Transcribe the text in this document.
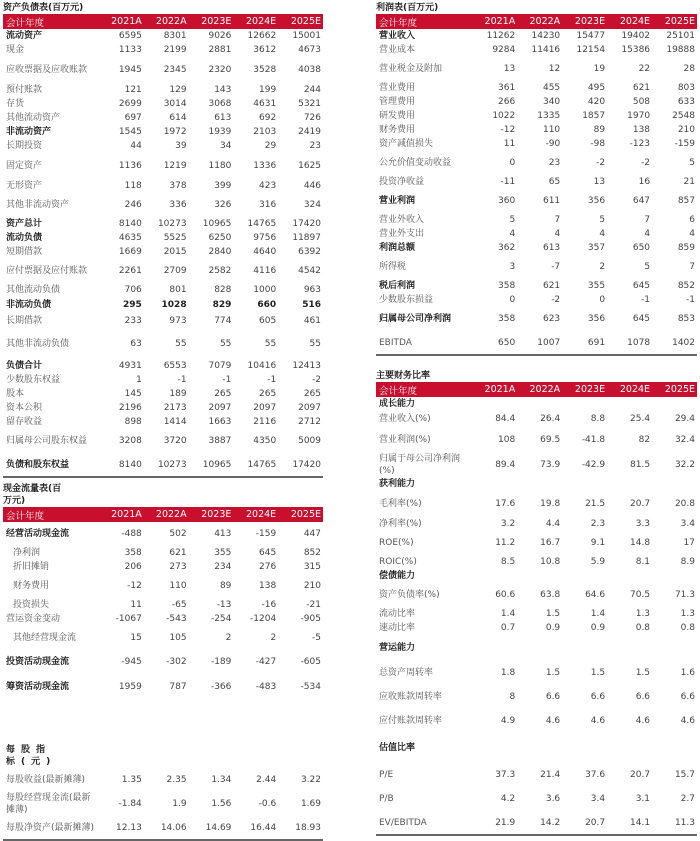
资产负债表(百万元)
会计年度	2021A	2022A	2023E	2024E	2025E
流动资产	6595	8301	9026	12662	15001
现金	1133	2199	2881	3612	4673
应收票据及应收账款	1945	2345	2320	3528	4038
预付账款	121	129	143	199	244
存货	2699	3014	3068	4631	5321
其他流动资产	697	614	613	692	726
非流动资产	1545	1972	1939	2103	2419
长期投资	44	39	34	29	23
固定资产	1136	1219	1180	1336	1625
无形资产	118	378	399	423	446
其他非流动资产	246	336	326	316	324
资产总计	8140	10273	10965	14765	17420
流动负债	4635	5525	6250	9756	11897
短期借款	1669	2015	2840	4640	6392
应付票据及应付账款	2261	2709	2582	4116	4542
其他流动负债	706	801	828	1000	963
非流动负债	295	1028	829	660	516
长期借款	233	973	774	605	461
其他非流动负债	63	55	55	55	55
负债合计	4931	6553	7079	10416	12413
少数股东权益	1	-1	-1	-1	-2
股本	145	189	265	265	265
资本公积	2196	2173	2097	2097	2097
留存收益	898	1414	1663	2116	2712
归属母公司股东权益	3208	3720	3887	4350	5009
负债和股东权益	8140	10273	10965	14765	17420
现金流量表(百万元)
会计年度	2021A	2022A	2023E	2024E	2025E
经营活动现金流	-488	502	413	-159	447
净利润	358	621	355	645	852
折旧摊销	206	273	234	276	315
财务费用	-12	110	89	138	210
投资损失	11	-65	-13	-16	-21
营运资金变动	-1067	-543	-254	-1204	-905
其他经营现金流	15	105	2	2	-5
投资活动现金流	-945	-302	-189	-427	-605
筹资活动现金流	1959	787	-366	-483	-534
每股指标(元)
每股收益(最新摊薄)	1.35	2.35	1.34	2.44	3.22
每股经营现金流(最新摊薄)	-1.84	1.9	1.56	-0.6	1.69
每股净资产(最新摊薄)	12.13	14.06	14.69	16.44	18.93
利润表(百万元)
会计年度	2021A	2022A	2023E	2024E	2025E
营业收入	11262	14230	15477	19402	25101
营业成本	9284	11416	12154	15386	19888
营业税金及附加	13	12	19	22	28
营业费用	361	455	495	621	803
管理费用	266	340	420	508	633
研发费用	1022	1335	1857	1970	2548
财务费用	-12	110	89	138	210
资产减值损失	11	-90	-98	-123	-159
公允价值变动收益	0	23	-2	-2	5
投资净收益	-11	65	13	16	21
营业利润	360	611	356	647	857
营业外收入	5	7	5	7	6
营业外支出	4	4	4	4	4
利润总额	362	613	357	650	859
所得税	3	-7	2	5	7
税后利润	358	621	355	645	852
少数股东损益	0	-2	0	-1	-1
归属母公司净利润	358	623	356	645	853
EBITDA	650	1007	691	1078	1402
主要财务比率
会计年度	2021A	2022A	2023E	2024E	2025E
成长能力					
营业收入(%)	84.4	26.4	8.8	25.4	29.4
营业利润(%)	108	69.5	-41.8	82	32.4
归属于母公司净利润(%)	89.4	73.9	-42.9	81.5	32.2
获利能力					
毛利率(%)	17.6	19.8	21.5	20.7	20.8
净利率(%)	3.2	4.4	2.3	3.3	3.4
ROE(%)	11.2	16.7	9.1	14.8	17
ROIC(%)	8.5	10.8	5.9	8.1	8.9
偿债能力					
资产负债率(%)	60.6	63.8	64.6	70.5	71.3
流动比率	1.4	1.5	1.4	1.3	1.3
速动比率	0.7	0.9	0.9	0.8	0.8
营运能力					
总资产周转率	1.8	1.5	1.5	1.5	1.6
应收账款周转率	8	6.6	6.6	6.6	6.6
应付账款周转率	4.9	4.6	4.6	4.6	4.6
估值比率					
P/E	37.3	21.4	37.6	20.7	15.7
P/B	4.2	3.6	3.4	3.1	2.7
EV/EBITDA	21.9	14.2	20.7	14.1	11.3
